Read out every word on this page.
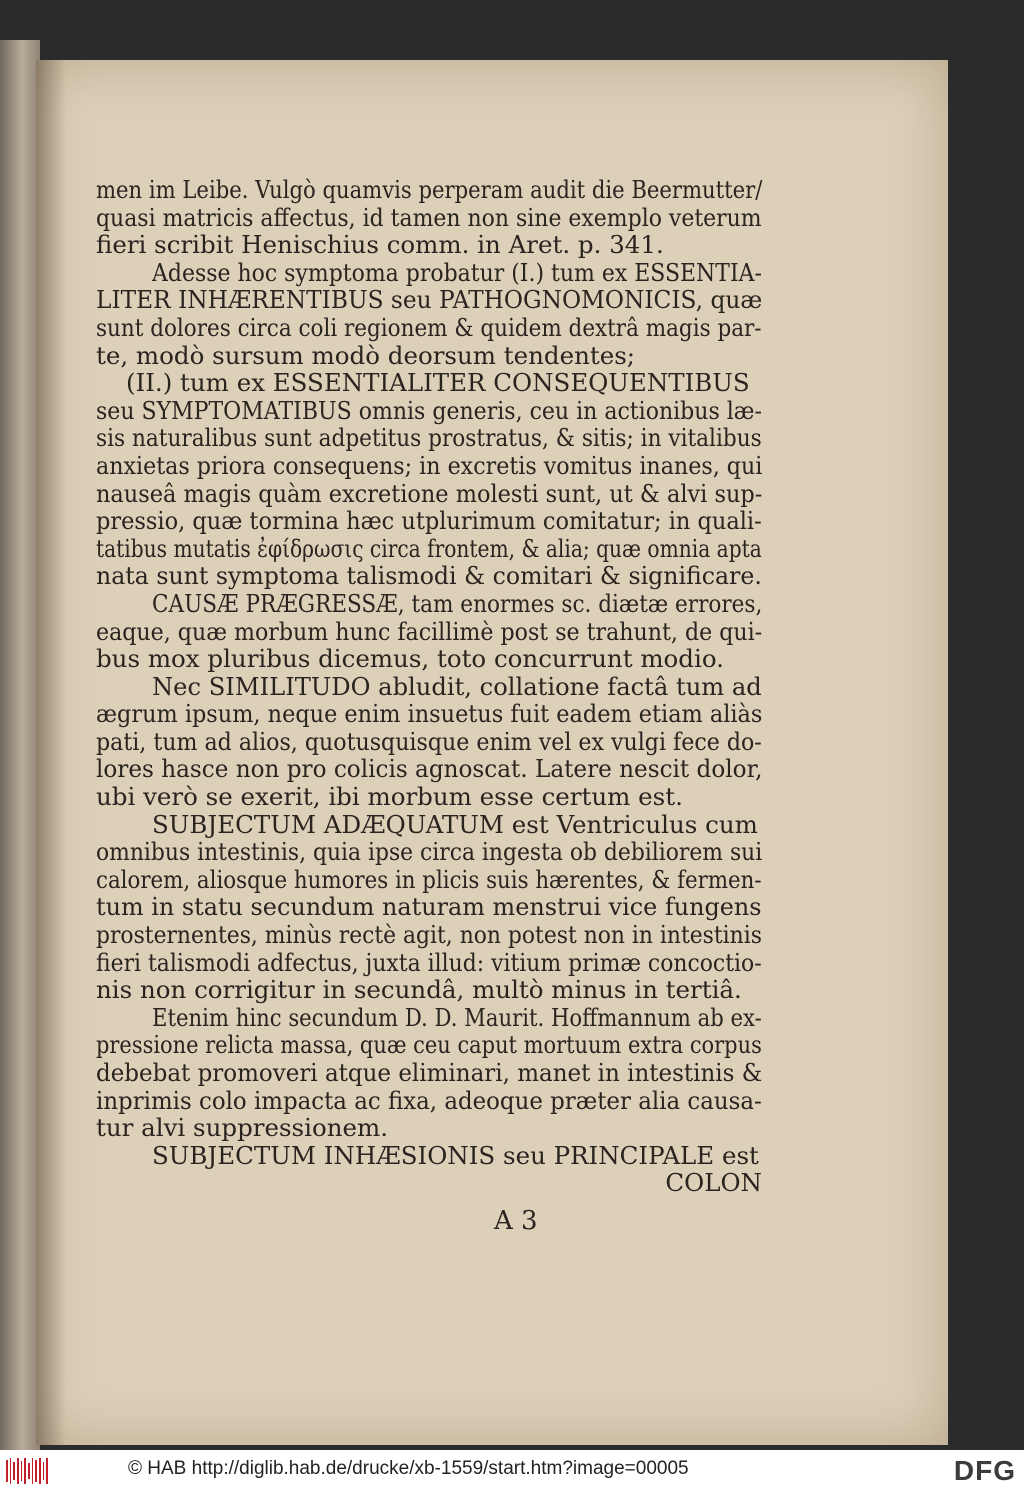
men im Leibe. Vulgò quamvis perperam audit die Beermutter/
quasi matricis affectus, id tamen non sine exemplo veterum
fieri scribit Henischius comm. in Aret. p. 341.
Adesse hoc symptoma probatur (I.) tum ex ESSENTIA-
LITER INHÆRENTIBUS seu PATHOGNOMONICIS, quæ
sunt dolores circa coli regionem & quidem dextrâ magis par-
te, modò sursum modò deorsum tendentes;
(II.) tum ex ESSENTIALITER CONSEQUENTIBUS
seu SYMPTOMATIBUS omnis generis, ceu in actionibus læ-
sis naturalibus sunt adpetitus prostratus, & sitis; in vitalibus
anxietas priora consequens; in excretis vomitus inanes, qui
nauseâ magis quàm excretione molesti sunt, ut & alvi sup-
pressio, quæ tormina hæc utplurimum comitatur; in quali-
tatibus mutatis ἐφίδρωσις circa frontem, & alia; quæ omnia apta
nata sunt symptoma talismodi & comitari & significare.
CAUSÆ PRÆGRESSÆ, tam enormes sc. diætæ errores,
eaque, quæ morbum hunc facillimè post se trahunt, de qui-
bus mox pluribus dicemus, toto concurrunt modio.
Nec SIMILITUDO abludit, collatione factâ tum ad
ægrum ipsum, neque enim insuetus fuit eadem etiam aliàs
pati, tum ad alios, quotusquisque enim vel ex vulgi fece do-
lores hasce non pro colicis agnoscat. Latere nescit dolor,
ubi verò se exerit, ibi morbum esse certum est.
SUBJECTUM ADÆQUATUM est Ventriculus cum
omnibus intestinis, quia ipse circa ingesta ob debiliorem sui
calorem, aliosque humores in plicis suis hærentes, & fermen-
tum in statu secundum naturam menstrui vice fungens
prosternentes, minùs rectè agit, non potest non in intestinis
fieri talismodi adfectus, juxta illud: vitium primæ concoctio-
nis non corrigitur in secundâ, multò minus in tertiâ.
Etenim hinc secundum D. D. Maurit. Hoffmannum ab ex-
pressione relicta massa, quæ ceu caput mortuum extra corpus
debebat promoveri atque eliminari, manet in intestinis &
inprimis colo impacta ac fixa, adeoque præter alia causa-
tur alvi suppressionem.
SUBJECTUM INHÆSIONIS seu PRINCIPALE est
COLON
A 3
© HAB http://diglib.hab.de/drucke/xb-1559/start.htm?image=00005	DFG
